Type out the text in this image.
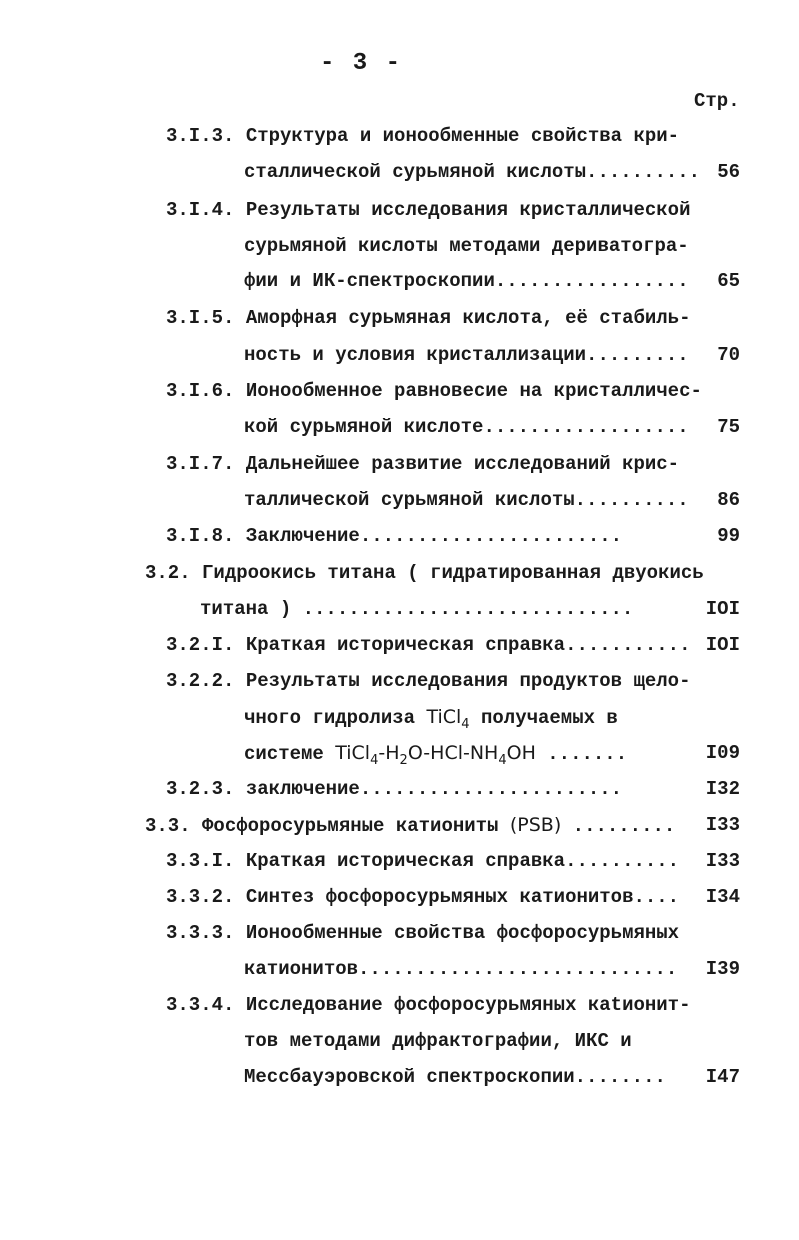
- 3 -
Стр.
3.I.3. Структура и ионообменные свойства кри-
сталлической сурьмяной кислоты.......... 56
3.I.4. Результаты исследования кристаллической
сурьмяной кислоты методами дериватогра-
фии и ИК-спектроскопии.................	65
3.I.5. Аморфная сурьмяная кислота, её стабиль-
ность и условия кристаллизации.........	70
3.I.6. Ионообменное равновесие на кристалличес-
кой сурьмяной кислоте..................	75
3.I.7. Дальнейшее развитие исследований крис-
таллической сурьмяной кислоты..........	86
3.I.8. Заключение.......................	99
3.2. Гидроокись титана ( гидратированная двуокись
титана ) .............................	IOI
3.2.I. Краткая историческая справка........... IOI
3.2.2. Результаты исследования продуктов щело-
чного гидролиза TiCl$_4$ получаемых в
системе $TiCl_4-H_2O-HCl-NH_4OH$ .......	I09
3.2.3. заключение.......................	I32
3.3. Фосфоросурьмяные катиониты (PSB) .........	I33
3.3.I. Краткая историческая справка..........	I33
3.3.2. Синтез фосфоросурьмяных катионитов....	I34
3.3.3. Ионообменные свойства фосфоросурьмяных
катионитов............................	I39
3.3.4. Исследование фосфоросурьмяных каtионит-
тов методами дифрактографии, ИКС и
Мессбауэровской спектроскопии........	I47
